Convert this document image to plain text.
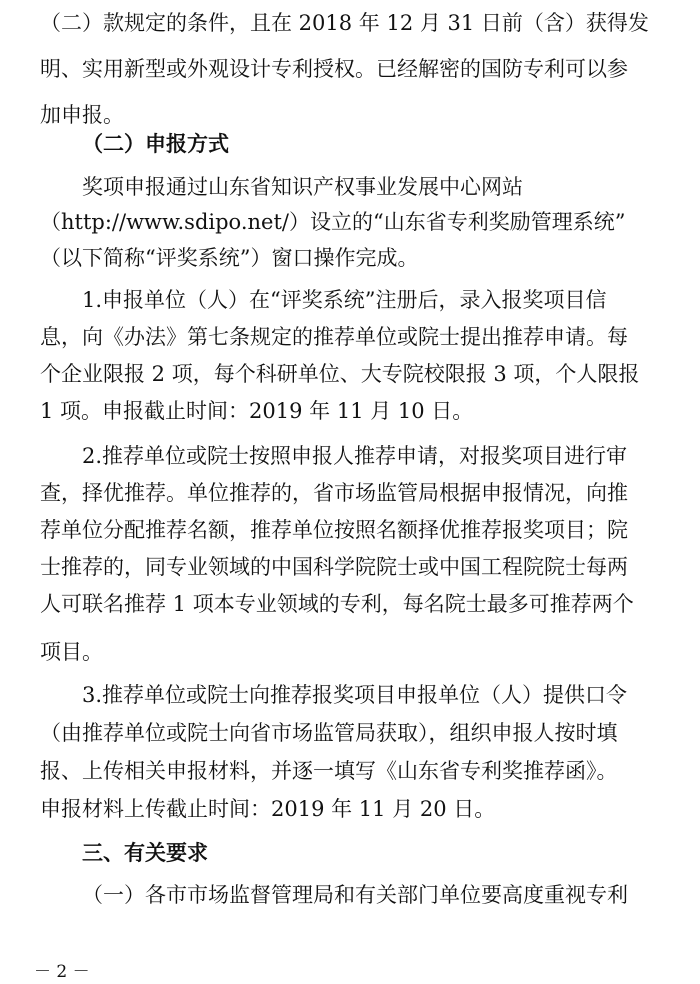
（二）款规定的条件，且在 2018 年 12 月 31 日前（含）获得发
明、实用新型或外观设计专利授权。已经解密的国防专利可以参
加申报。
（二）申报方式
奖项申报通过山东省知识产权事业发展中心网站
（http://www.sdipo.net/）设立的“山东省专利奖励管理系统”
（以下简称“评奖系统”）窗口操作完成。
1.申报单位（人）在“评奖系统”注册后，录入报奖项目信
息，向《办法》第七条规定的推荐单位或院士提出推荐申请。每
个企业限报 2 项，每个科研单位、大专院校限报 3 项，个人限报
1 项。申报截止时间：2019 年 11 月 10 日。
2.推荐单位或院士按照申报人推荐申请，对报奖项目进行审
查，择优推荐。单位推荐的，省市场监管局根据申报情况，向推
荐单位分配推荐名额，推荐单位按照名额择优推荐报奖项目；院
士推荐的，同专业领域的中国科学院院士或中国工程院院士每两
人可联名推荐 1 项本专业领域的专利，每名院士最多可推荐两个
项目。
3.推荐单位或院士向推荐报奖项目申报单位（人）提供口令
（由推荐单位或院士向省市场监管局获取），组织申报人按时填
报、上传相关申报材料，并逐一填写《山东省专利奖推荐函》。
申报材料上传截止时间：2019 年 11 月 20 日。
三、有关要求
（一）各市市场监督管理局和有关部门单位要高度重视专利
－ 2 －
